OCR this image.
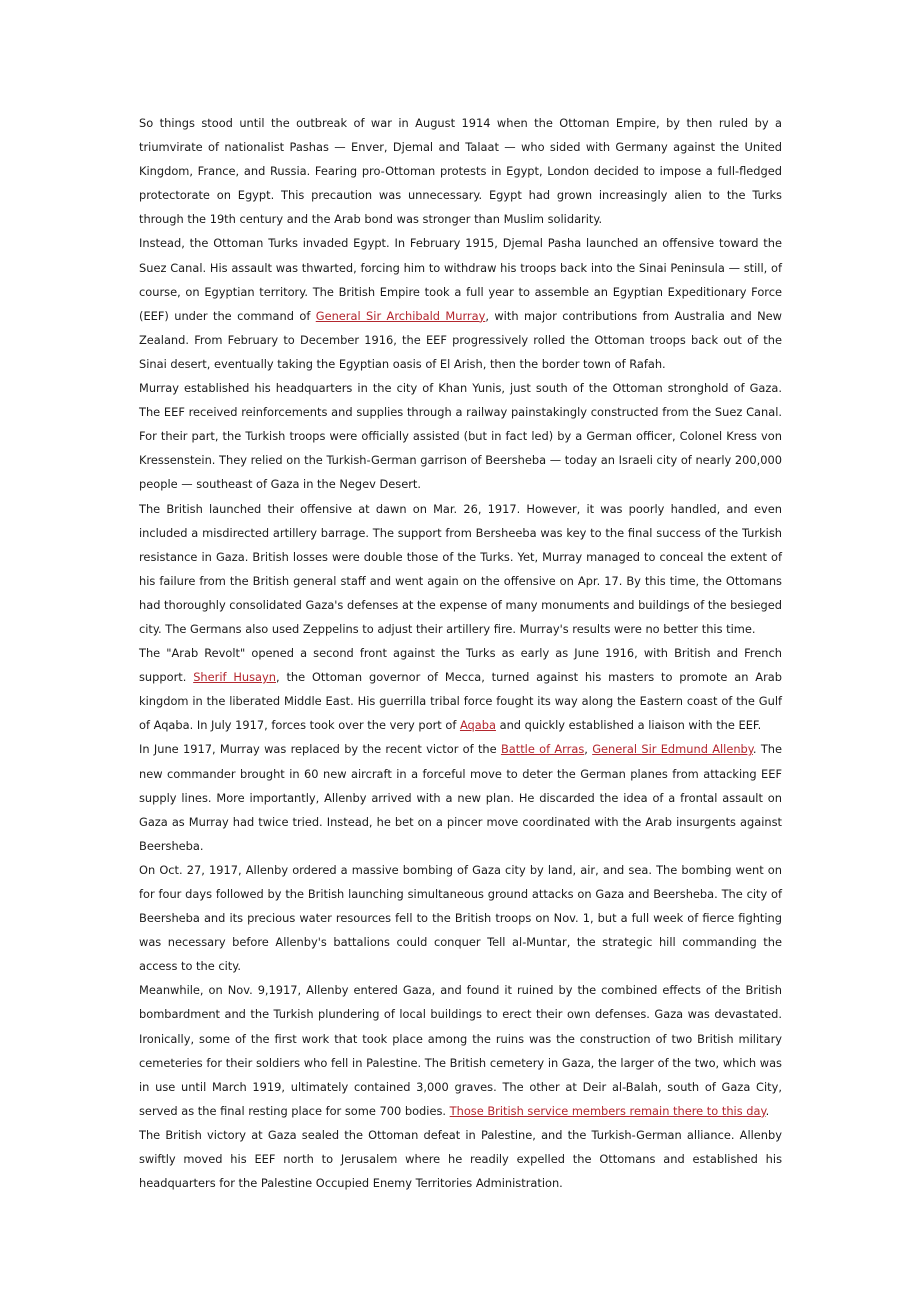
So things stood until the outbreak of war in August 1914 when the Ottoman Empire, by then ruled by a triumvirate of nationalist Pashas — Enver, Djemal and Talaat — who sided with Germany against the United Kingdom, France, and Russia. Fearing pro-Ottoman protests in Egypt, London decided to impose a full-fledged protectorate on Egypt. This precaution was unnecessary. Egypt had grown increasingly alien to the Turks through the 19th century and the Arab bond was stronger than Muslim solidarity.

Instead, the Ottoman Turks invaded Egypt. In February 1915, Djemal Pasha launched an offensive toward the Suez Canal. His assault was thwarted, forcing him to withdraw his troops back into the Sinai Peninsula — still, of course, on Egyptian territory. The British Empire took a full year to assemble an Egyptian Expeditionary Force (EEF) under the command of General Sir Archibald Murray, with major contributions from Australia and New Zealand. From February to December 1916, the EEF progressively rolled the Ottoman troops back out of the Sinai desert, eventually taking the Egyptian oasis of El Arish, then the border town of Rafah.

Murray established his headquarters in the city of Khan Yunis, just south of the Ottoman stronghold of Gaza. The EEF received reinforcements and supplies through a railway painstakingly constructed from the Suez Canal. For their part, the Turkish troops were officially assisted (but in fact led) by a German officer, Colonel Kress von Kressenstein. They relied on the Turkish-German garrison of Beersheba — today an Israeli city of nearly 200,000 people — southeast of Gaza in the Negev Desert.

The British launched their offensive at dawn on Mar. 26, 1917. However, it was poorly handled, and even included a misdirected artillery barrage. The support from Bersheeba was key to the final success of the Turkish resistance in Gaza. British losses were double those of the Turks. Yet, Murray managed to conceal the extent of his failure from the British general staff and went again on the offensive on Apr. 17. By this time, the Ottomans had thoroughly consolidated Gaza's defenses at the expense of many monuments and buildings of the besieged city. The Germans also used Zeppelins to adjust their artillery fire. Murray's results were no better this time.

The "Arab Revolt" opened a second front against the Turks as early as June 1916, with British and French support. Sherif Husayn, the Ottoman governor of Mecca, turned against his masters to promote an Arab kingdom in the liberated Middle East. His guerrilla tribal force fought its way along the Eastern coast of the Gulf of Aqaba. In July 1917, forces took over the very port of Aqaba and quickly established a liaison with the EEF.

In June 1917, Murray was replaced by the recent victor of the Battle of Arras, General Sir Edmund Allenby. The new commander brought in 60 new aircraft in a forceful move to deter the German planes from attacking EEF supply lines. More importantly, Allenby arrived with a new plan. He discarded the idea of a frontal assault on Gaza as Murray had twice tried. Instead, he bet on a pincer move coordinated with the Arab insurgents against Beersheba.

On Oct. 27, 1917, Allenby ordered a massive bombing of Gaza city by land, air, and sea. The bombing went on for four days followed by the British launching simultaneous ground attacks on Gaza and Beersheba. The city of Beersheba and its precious water resources fell to the British troops on Nov. 1, but a full week of fierce fighting was necessary before Allenby's battalions could conquer Tell al-Muntar, the strategic hill commanding the access to the city.

Meanwhile, on Nov. 9,1917, Allenby entered Gaza, and found it ruined by the combined effects of the British bombardment and the Turkish plundering of local buildings to erect their own defenses. Gaza was devastated. Ironically, some of the first work that took place among the ruins was the construction of two British military cemeteries for their soldiers who fell in Palestine. The British cemetery in Gaza, the larger of the two, which was in use until March 1919, ultimately contained 3,000 graves. The other at Deir al-Balah, south of Gaza City, served as the final resting place for some 700 bodies. Those British service members remain there to this day.

The British victory at Gaza sealed the Ottoman defeat in Palestine, and the Turkish-German alliance. Allenby swiftly moved his EEF north to Jerusalem where he readily expelled the Ottomans and established his headquarters for the Palestine Occupied Enemy Territories Administration.
